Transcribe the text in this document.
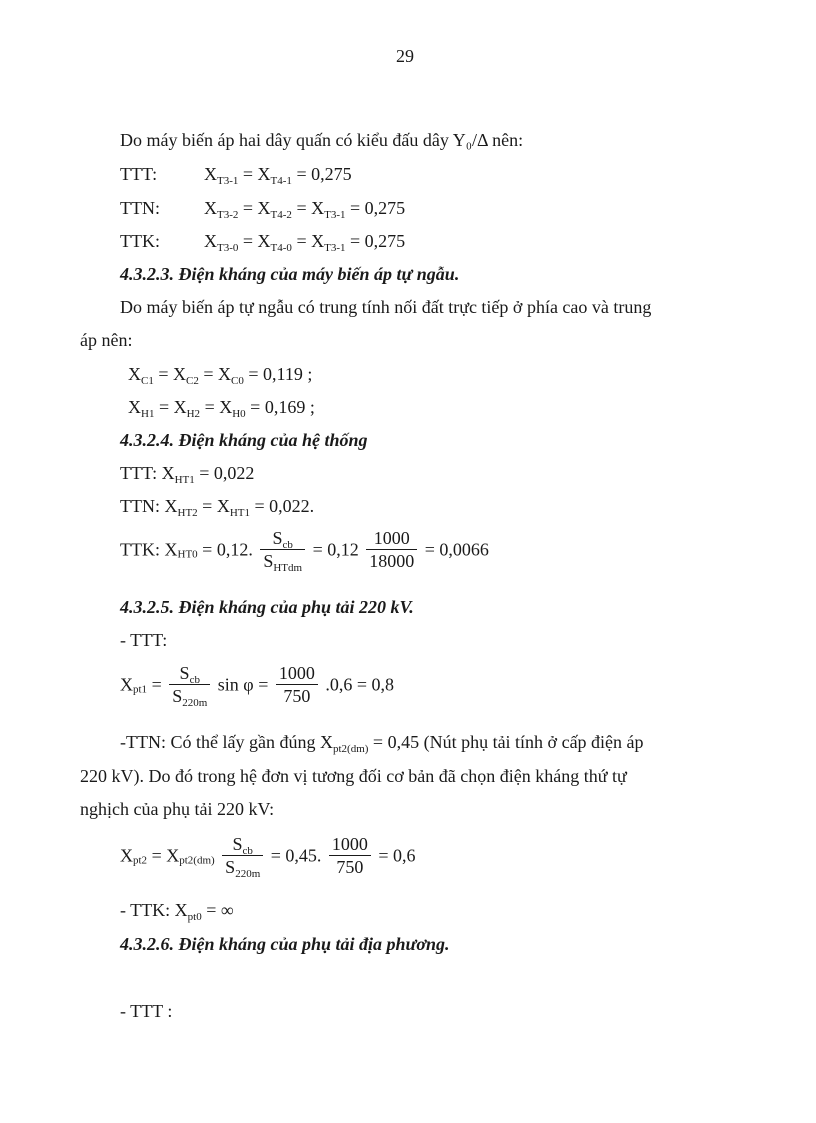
29
Do máy biến áp hai dây quấn có kiểu đấu dây Y₀/Δ nên:
TTT:	$X_{T3-1} = X_{T4-1} = 0,275$
TTN: $X_{T3-2} = X_{T4-2} = X_{T3-1} = 0,275$
TTK: $X_{T3-0} = X_{T4-0} = X_{T3-1} = 0,275$
4.3.2.3. Điện kháng của máy biến áp tự ngẫu.
Do máy biến áp tự ngẫu có trung tính nối đất trực tiếp ở phía cao và trung
áp nên:
$X_{C1} = X_{C2} = X_{C0} = 0,119$ ;
$X_{H1} = X_{H2} = X_{H0} = 0,169$ ;
4.3.2.4. Điện kháng của hệ thống
TTT: $X_{HT1} = 0,022$
TTN: $X_{HT2} = X_{HT1} = 0,022$.
TTK: $X_{HT0} = 0,12$. $\frac{S_{cb}}{S_{HTdm}} = 0,12 \frac{1000}{18000} = 0,0066$
4.3.2.5. Điện kháng của phụ tải 220 kV.
- TTT:
$X_{pt1} = \frac{S_{cb}}{S_{220m}}$ $\sin \varphi = \frac{1000}{750} .0,6 = 0,8$
-TTN: Có thể lấy gần đúng $X_{pt2(dm)} = 0,45$ (Nút phụ tải tính ở cấp điện áp
220 kV). Do đó trong hệ đơn vị tương đối cơ bản đã chọn điện kháng thứ tự
nghịch của phụ tải 220 kV:
$X_{pt2} = X_{pt2(dm)} \frac{S_{cb}}{S_{220m}} = 0,45$. $\frac{1000}{750} = 0,6$
- TTK: $X_{pt0}$ = ∞
4.3.2.6. Điện kháng của phụ tải địa phương.
- TTT :
